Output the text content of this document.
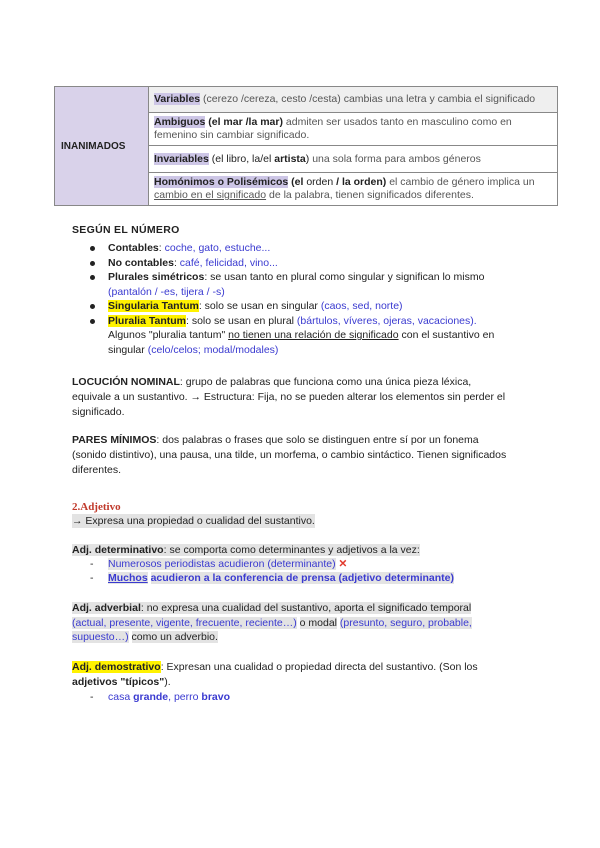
INANIMADOS	Variables (cerezo /cereza, cesto /cesta) cambias una letra y cambia el significado
Ambiguos (el mar /la mar) admiten ser usados tanto en masculino como en femenino sin cambiar significado.
Invariables (el libro, la/el artista) una sola forma para ambos géneros
Homónimos o Polisémicos (el orden / la orden) el cambio de género implica un cambio en el significado de la palabra, tienen significados diferentes.
SEGÚN EL NÚMERO
Contables: coche, gato, estuche...
No contables: café, felicidad, vino...
Plurales simétricos: se usan tanto en plural como singular y significan lo mismo (pantalón / -es, tijera / -s)
Singularia Tantum: solo se usan en singular (caos, sed, norte)
Pluralia Tantum: solo se usan en plural (bártulos, víveres, ojeras, vacaciones). Algunos "pluralia tantum" no tienen una relación de significado con el sustantivo en singular (celo/celos; modal/modales)

LOCUCIÓN NOMINAL: grupo de palabras que funciona como una única pieza léxica, equivale a un sustantivo. → Estructura: Fija, no se pueden alterar los elementos sin perder el significado.

PARES MÍNIMOS: dos palabras o frases que solo se distinguen entre sí por un fonema (sonido distintivo), una pausa, una tilde, un morfema, o cambio sintáctico. Tienen significados diferentes.

2.Adjetivo
→ Expresa una propiedad o cualidad del sustantivo.
Adj. determinativo: se comporta como determinantes y adjetivos a la vez:
- Numerosos periodistas acudieron (determinante) ✕
- Muchos acudieron a la conferencia de prensa (adjetivo determinante)

Adj. adverbial: no expresa una cualidad del sustantivo, aporta el significado temporal (actual, presente, vigente, frecuente, reciente…) o modal (presunto, seguro, probable, supuesto…) como un adverbio.

Adj. demostrativo: Expresan una cualidad o propiedad directa del sustantivo. (Son los adjetivos "típicos").

- casa grande, perro bravo
